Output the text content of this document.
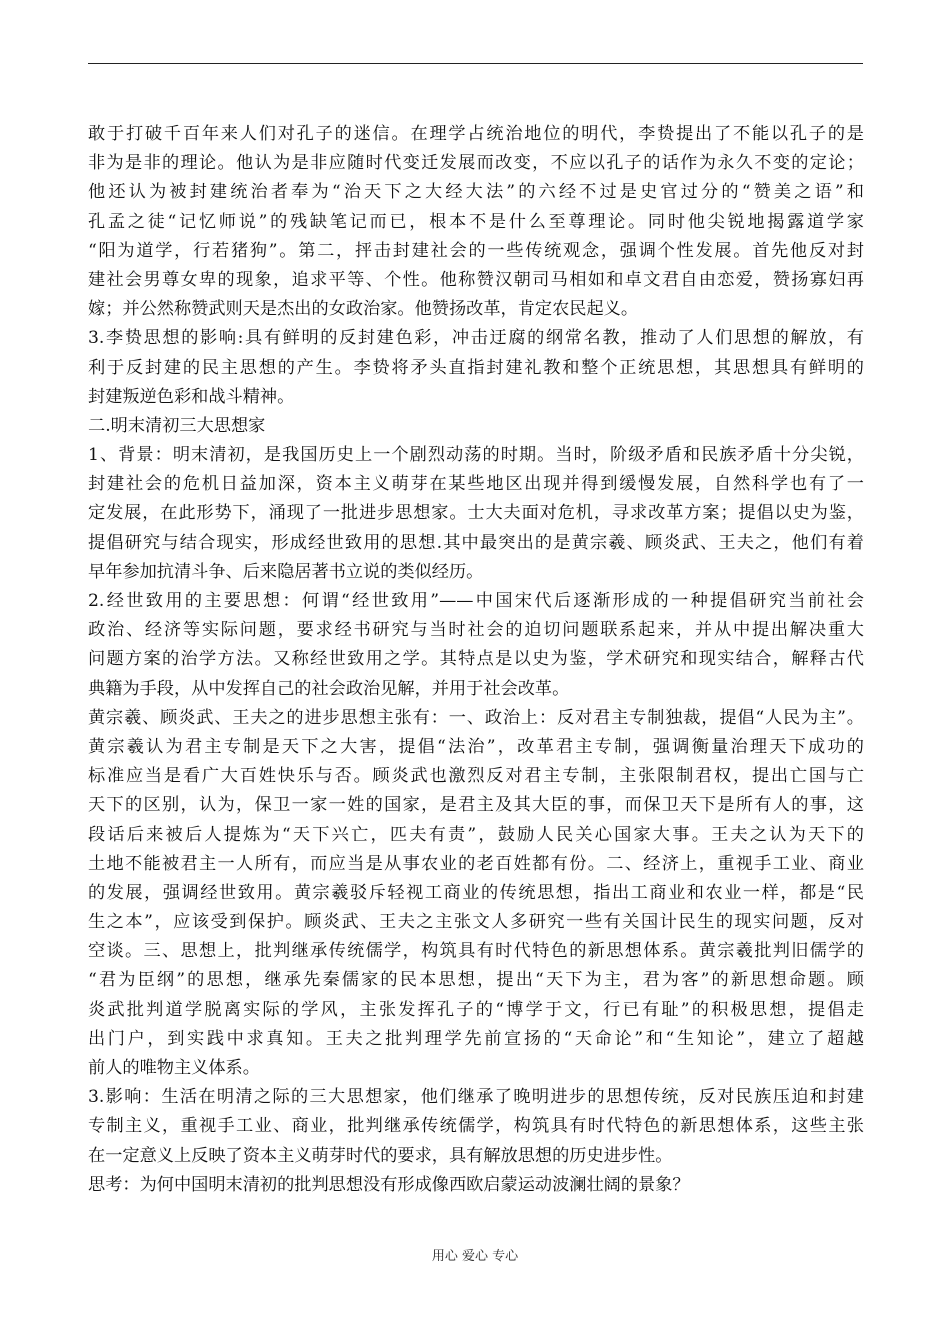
敢于打破千百年来人们对孔子的迷信。在理学占统治地位的明代，李贽提出了不能以孔子的是
非为是非的理论。他认为是非应随时代变迁发展而改变，不应以孔子的话作为永久不变的定论；
他还认为被封建统治者奉为“治天下之大经大法”的六经不过是史官过分的“赞美之语”和
孔孟之徒“记忆师说”的残缺笔记而已，根本不是什么至尊理论。同时他尖锐地揭露道学家
“阳为道学，行若猪狗”。第二，抨击封建社会的一些传统观念，强调个性发展。首先他反对封
建社会男尊女卑的现象，追求平等、个性。他称赞汉朝司马相如和卓文君自由恋爱，赞扬寡妇再
嫁；并公然称赞武则天是杰出的女政治家。他赞扬改革，肯定农民起义。
3.李贽思想的影响:具有鲜明的反封建色彩，冲击迂腐的纲常名教，推动了人们思想的解放，有
利于反封建的民主思想的产生。李贽将矛头直指封建礼教和整个正统思想，其思想具有鲜明的
封建叛逆色彩和战斗精神。
二.明末清初三大思想家
1、背景：明末清初，是我国历史上一个剧烈动荡的时期。当时，阶级矛盾和民族矛盾十分尖锐，
封建社会的危机日益加深，资本主义萌芽在某些地区出现并得到缓慢发展，自然科学也有了一
定发展，在此形势下，涌现了一批进步思想家。士大夫面对危机，寻求改革方案；提倡以史为鉴，
提倡研究与结合现实，形成经世致用的思想.其中最突出的是黄宗羲、顾炎武、王夫之，他们有着
早年参加抗清斗争、后来隐居著书立说的类似经历。
2.经世致用的主要思想：何谓“经世致用”——中国宋代后逐渐形成的一种提倡研究当前社会
政治、经济等实际问题，要求经书研究与当时社会的迫切问题联系起来，并从中提出解决重大
问题方案的治学方法。又称经世致用之学。其特点是以史为鉴，学术研究和现实结合，解释古代
典籍为手段，从中发挥自己的社会政治见解，并用于社会改革。
黄宗羲、顾炎武、王夫之的进步思想主张有：一、政治上：反对君主专制独裁，提倡“人民为主”。
黄宗羲认为君主专制是天下之大害，提倡“法治”，改革君主专制，强调衡量治理天下成功的
标准应当是看广大百姓快乐与否。顾炎武也激烈反对君主专制，主张限制君权，提出亡国与亡
天下的区别，认为，保卫一家一姓的国家，是君主及其大臣的事，而保卫天下是所有人的事，这
段话后来被后人提炼为“天下兴亡，匹夫有责”，鼓励人民关心国家大事。王夫之认为天下的
土地不能被君主一人所有，而应当是从事农业的老百姓都有份。二、经济上，重视手工业、商业
的发展，强调经世致用。黄宗羲驳斥轻视工商业的传统思想，指出工商业和农业一样，都是“民
生之本”，应该受到保护。顾炎武、王夫之主张文人多研究一些有关国计民生的现实问题，反对
空谈。三、思想上，批判继承传统儒学，构筑具有时代特色的新思想体系。黄宗羲批判旧儒学的
“君为臣纲”的思想，继承先秦儒家的民本思想，提出“天下为主，君为客”的新思想命题。顾
炎武批判道学脱离实际的学风，主张发挥孔子的“博学于文，行已有耻”的积极思想，提倡走
出门户，到实践中求真知。王夫之批判理学先前宣扬的“天命论”和“生知论”，建立了超越
前人的唯物主义体系。
3.影响：生活在明清之际的三大思想家，他们继承了晚明进步的思想传统，反对民族压迫和封建
专制主义，重视手工业、商业，批判继承传统儒学，构筑具有时代特色的新思想体系，这些主张
在一定意义上反映了资本主义萌芽时代的要求，具有解放思想的历史进步性。
思考：为何中国明末清初的批判思想没有形成像西欧启蒙运动波澜壮阔的景象？
用心 爱心 专心
